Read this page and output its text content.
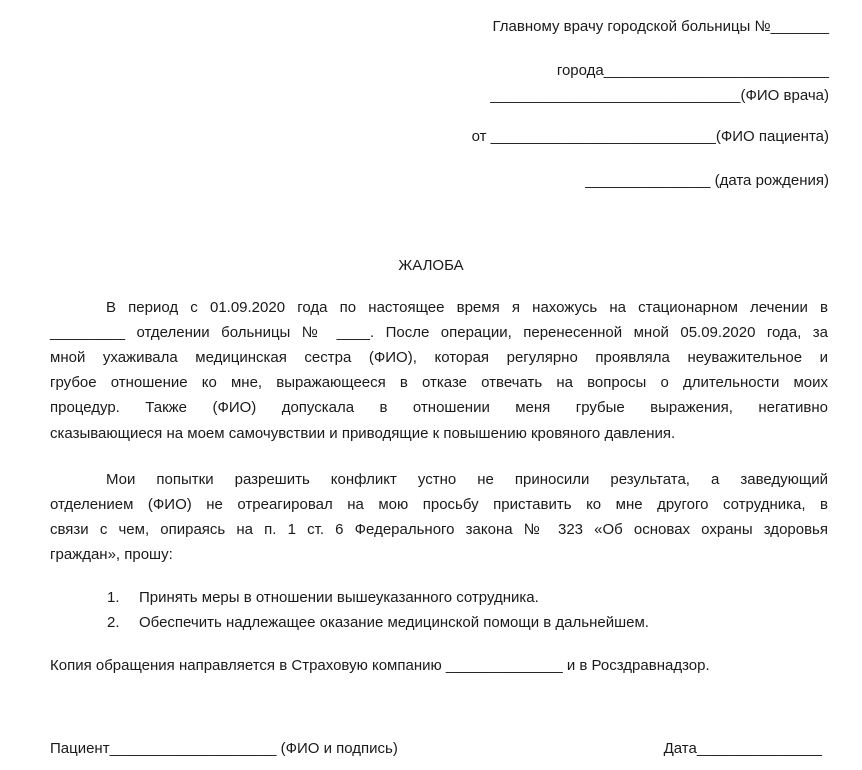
Главному врачу городской больницы №_______
города___________________________
______________________________(ФИО врача)
от ___________________________(ФИО пациента)
_______________ (дата рождения)
ЖАЛОБА
В период с 01.09.2020 года по настоящее время я нахожусь на стационарном лечении в
_________ отделении больницы № ____. После операции, перенесенной мной 05.09.2020 года, за
мной ухаживала медицинская сестра (ФИО), которая регулярно проявляла неуважительное и
грубое отношение ко мне, выражающееся в отказе отвечать на вопросы о длительности моих
процедур. Также (ФИО) допускала в отношении меня грубые выражения, негативно
сказывающиеся на моем самочувствии и приводящие к повышению кровяного давления.
Мои попытки разрешить конфликт устно не приносили результата, а заведующий
отделением (ФИО) не отреагировал на мою просьбу приставить ко мне другого сотрудника, в
связи с чем, опираясь на п. 1 ст. 6 Федерального закона № 323 «Об основах охраны здоровья
граждан», прошу:
1. Принять меры в отношении вышеуказанного сотрудника.
2. Обеспечить надлежащее оказание медицинской помощи в дальнейшем.
Копия обращения направляется в Страховую компанию ______________ и в Росздравнадзор.
Пациент____________________ (ФИО и подпись)	Дата_______________
